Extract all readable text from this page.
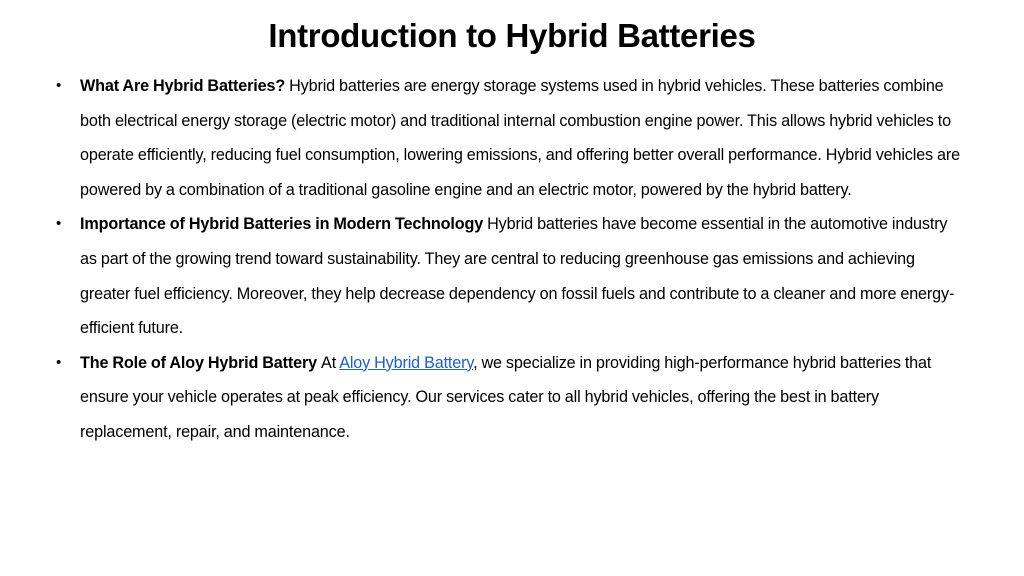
Introduction to Hybrid Batteries
• What Are Hybrid Batteries? Hybrid batteries are energy storage systems used in hybrid vehicles. These batteries combine both electrical energy storage (electric motor) and traditional internal combustion engine power. This allows hybrid vehicles to operate efficiently, reducing fuel consumption, lowering emissions, and offering better overall performance. Hybrid vehicles are powered by a combination of a traditional gasoline engine and an electric motor, powered by the hybrid battery.
• Importance of Hybrid Batteries in Modern Technology Hybrid batteries have become essential in the automotive industry as part of the growing trend toward sustainability. They are central to reducing greenhouse gas emissions and achieving greater fuel efficiency. Moreover, they help decrease dependency on fossil fuels and contribute to a cleaner and more energy-efficient future.
• The Role of Aloy Hybrid Battery At Aloy Hybrid Battery, we specialize in providing high-performance hybrid batteries that ensure your vehicle operates at peak efficiency. Our services cater to all hybrid vehicles, offering the best in battery replacement, repair, and maintenance.
